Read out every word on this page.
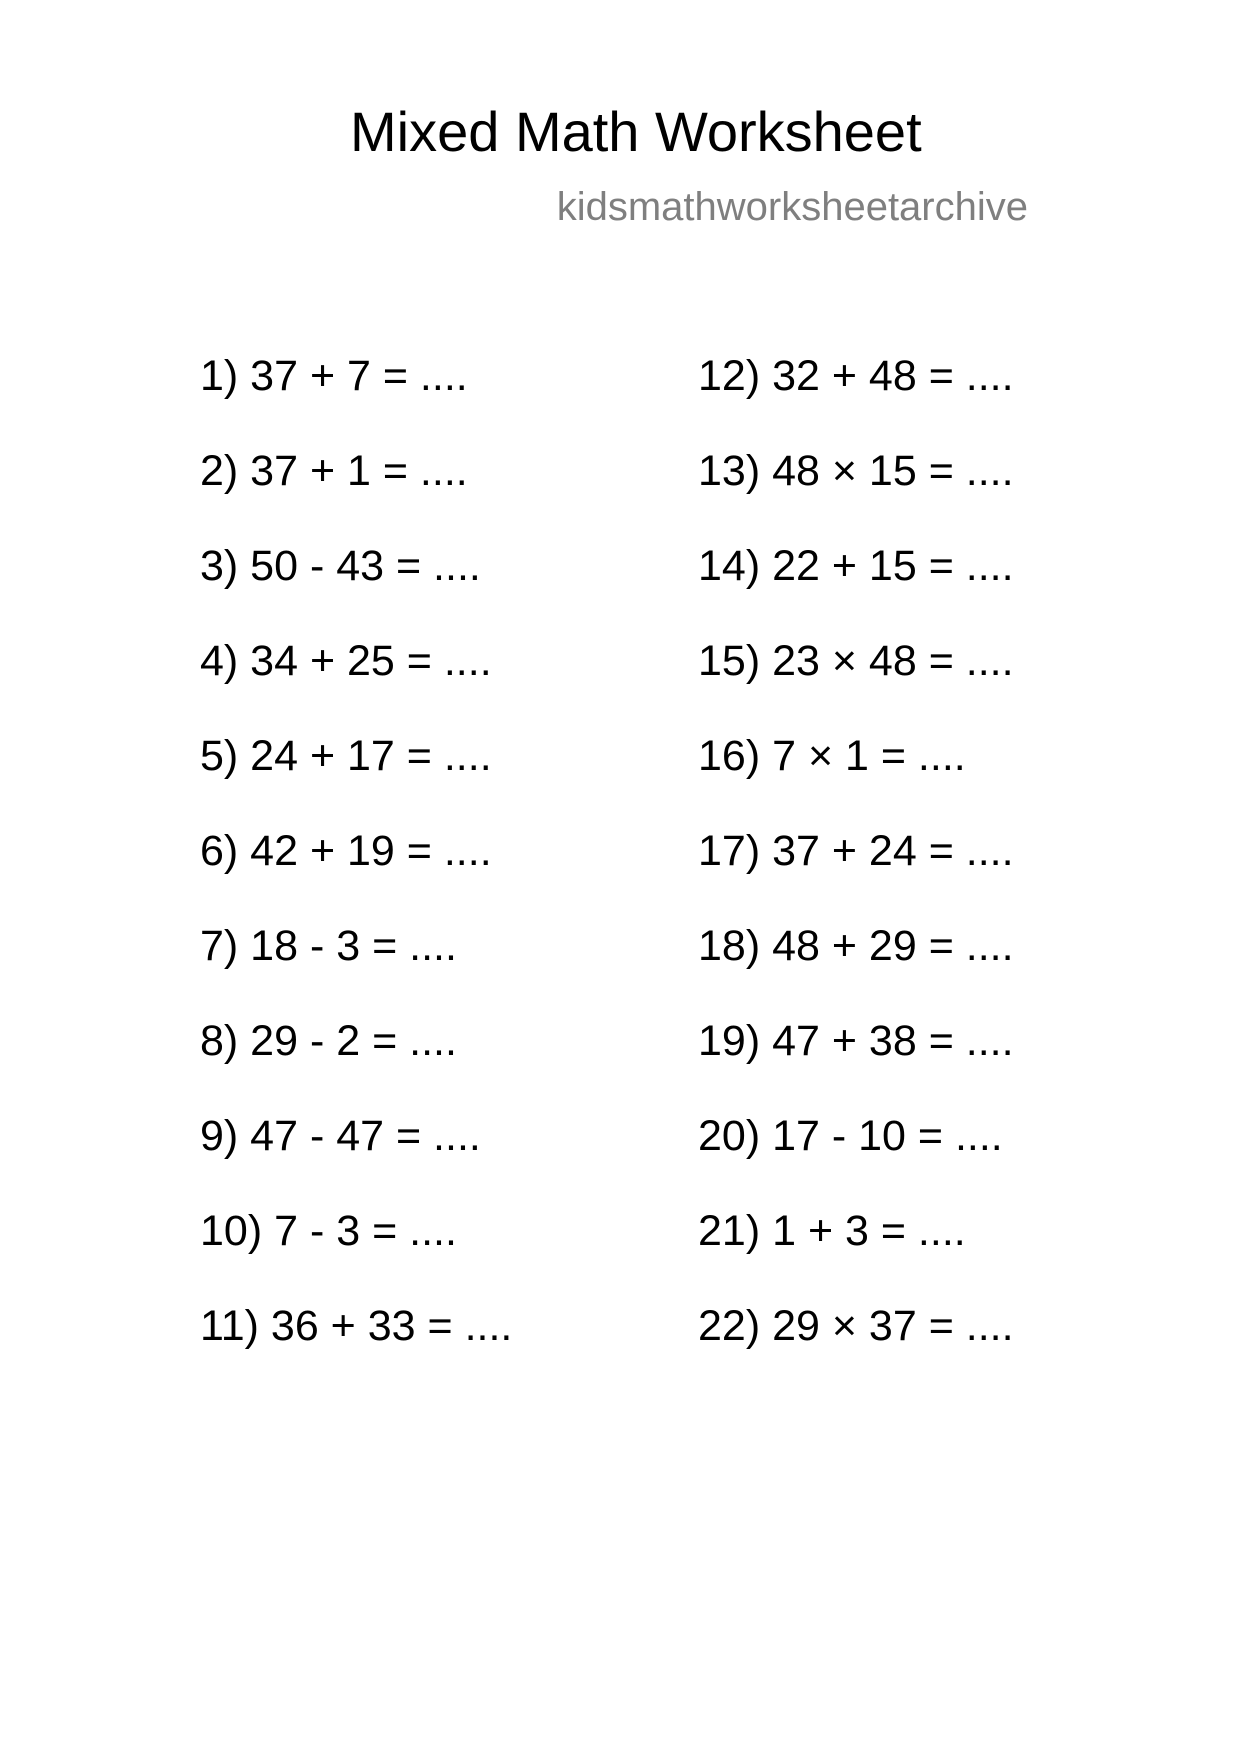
Mixed Math Worksheet
kidsmathworksheetarchive
1) 37 + 7 = ....
2) 37 + 1 = ....
3) 50 - 43 = ....
4) 34 + 25 = ....
5) 24 + 17 = ....
6) 42 + 19 = ....
7) 18 - 3 = ....
8) 29 - 2 = ....
9) 47 - 47 = ....
10) 7 - 3 = ....
11) 36 + 33 = ....
12) 32 + 48 = ....
13) 48 × 15 = ....
14) 22 + 15 = ....
15) 23 × 48 = ....
16) 7 × 1 = ....
17) 37 + 24 = ....
18) 48 + 29 = ....
19) 47 + 38 = ....
20) 17 - 10 = ....
21) 1 + 3 = ....
22) 29 × 37 = ....
